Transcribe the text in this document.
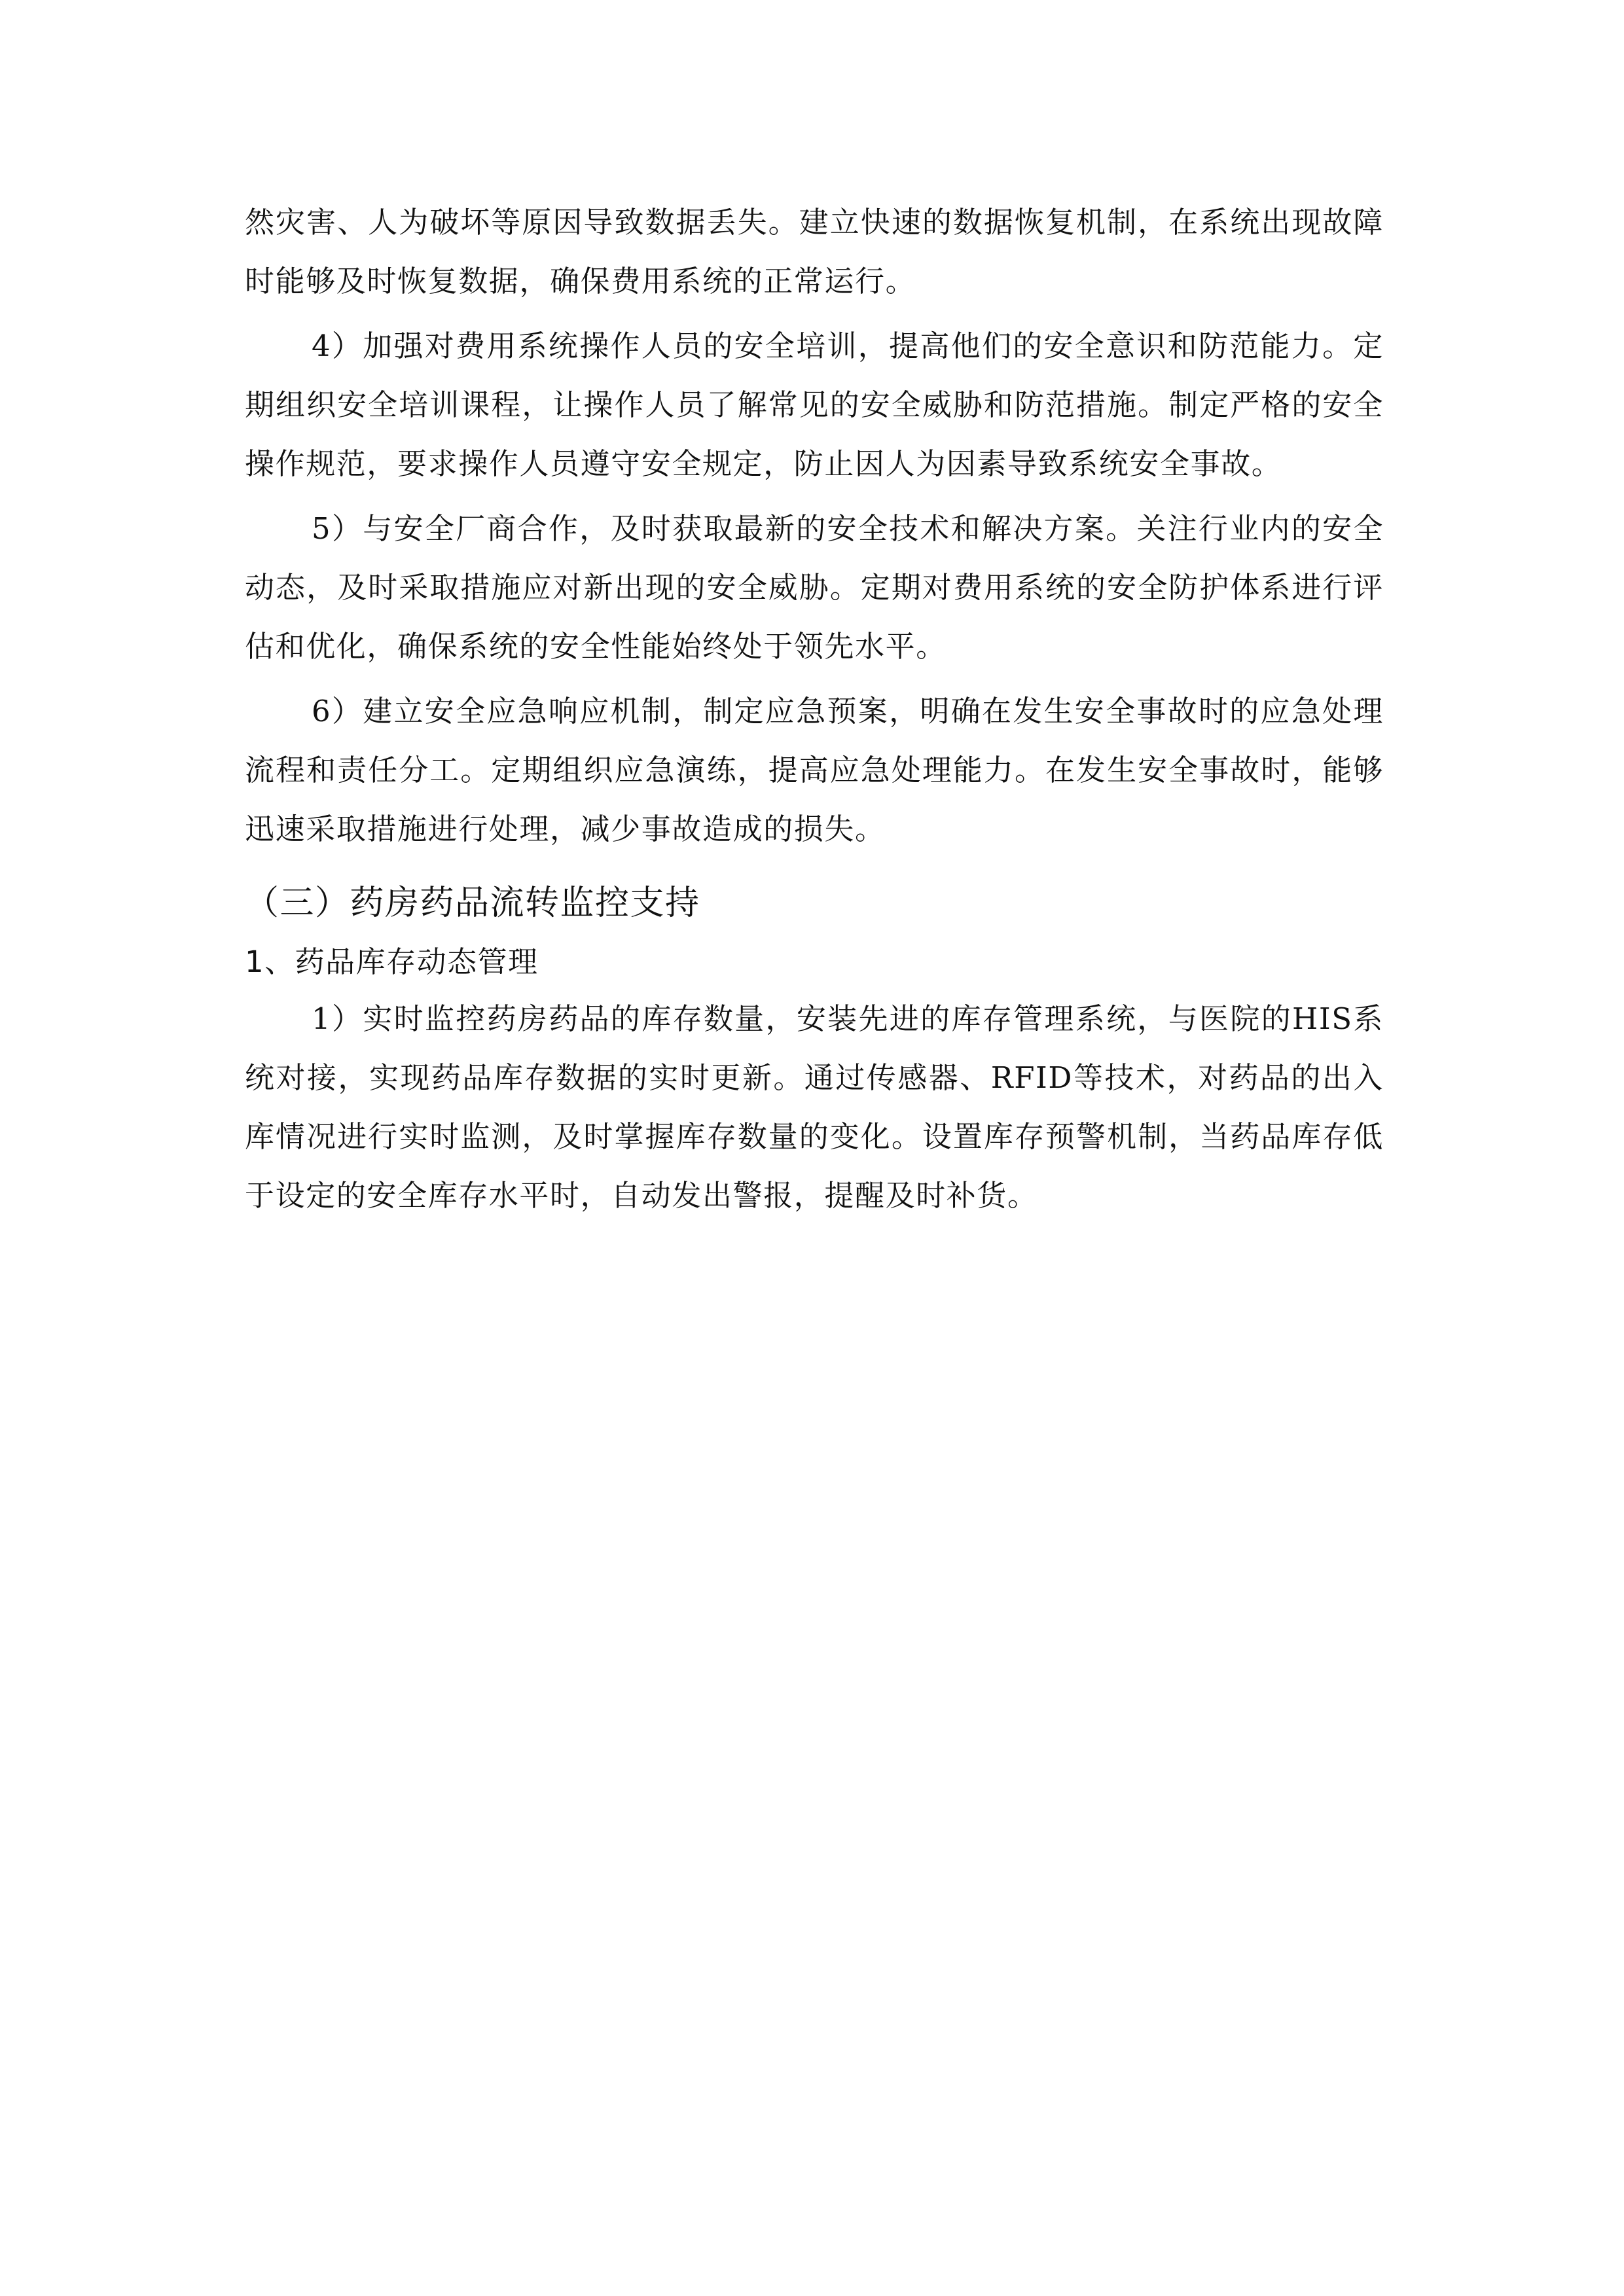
然灾害、人为破坏等原因导致数据丢失。建立快速的数据恢复机制，在系统出现故障时能够及时恢复数据，确保费用系统的正常运行。

4）加强对费用系统操作人员的安全培训，提高他们的安全意识和防范能力。定期组织安全培训课程，让操作人员了解常见的安全威胁和防范措施。制定严格的安全操作规范，要求操作人员遵守安全规定，防止因人为因素导致系统安全事故。

5）与安全厂商合作，及时获取最新的安全技术和解决方案。关注行业内的安全动态，及时采取措施应对新出现的安全威胁。定期对费用系统的安全防护体系进行评估和优化，确保系统的安全性能始终处于领先水平。

6）建立安全应急响应机制，制定应急预案，明确在发生安全事故时的应急处理流程和责任分工。定期组织应急演练，提高应急处理能力。在发生安全事故时，能够迅速采取措施进行处理，减少事故造成的损失。

（三）药房药品流转监控支持
1、药品库存动态管理

1）实时监控药房药品的库存数量，安装先进的库存管理系统，与医院的HIS系统对接，实现药品库存数据的实时更新。通过传感器、RFID等技术，对药品的出入库情况进行实时监测，及时掌握库存数量的变化。设置库存预警机制，当药品库存低于设定的安全库存水平时，自动发出警报，提醒及时补货。
